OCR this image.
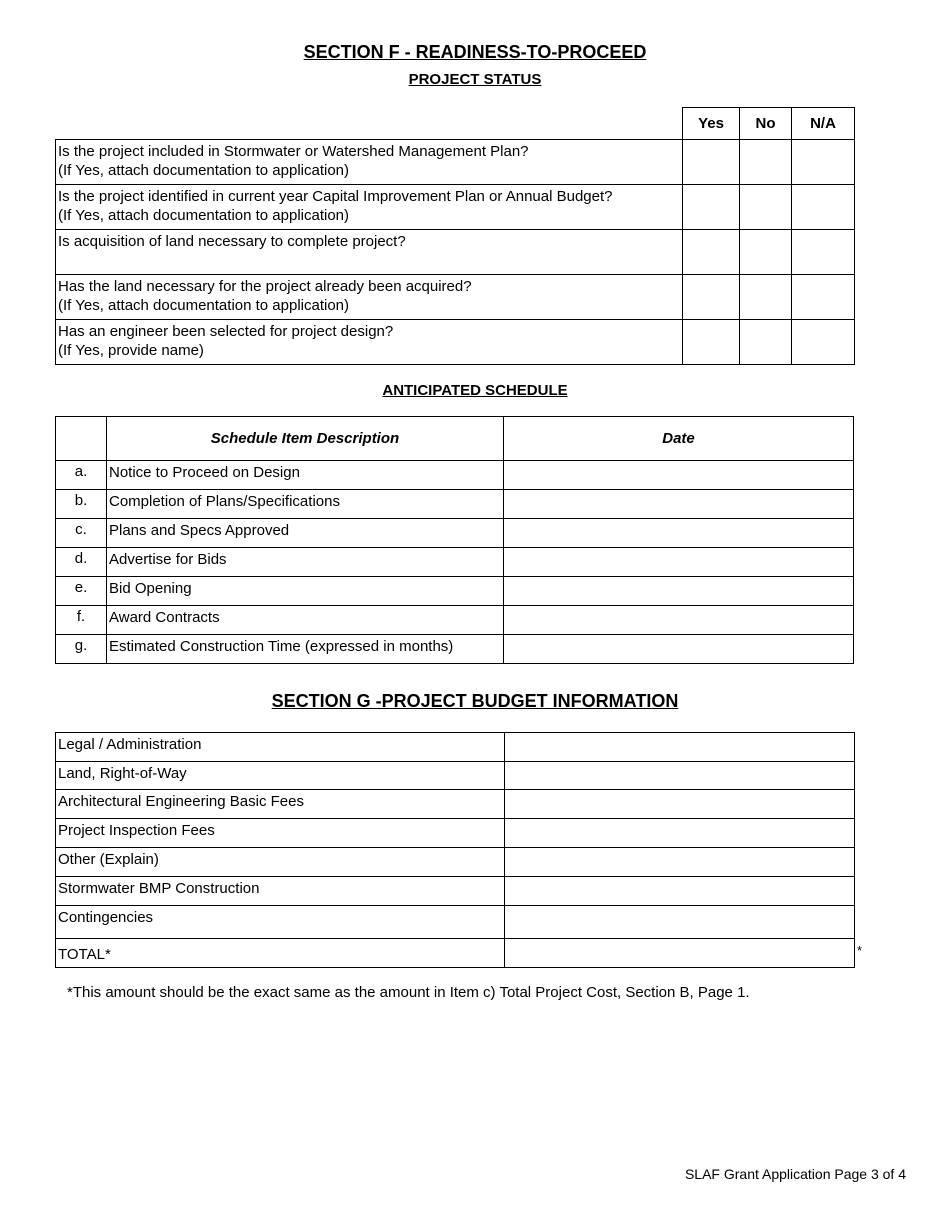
SECTION F - READINESS-TO-PROCEED
PROJECT STATUS
	Yes	No	N/A

Is the project included in Stormwater or Watershed Management Plan?
(If Yes, attach documentation to application)			

Is the project identified in current year Capital Improvement Plan or Annual Budget?
(If Yes, attach documentation to application)			

Is acquisition of land necessary to complete project?			

Has the land necessary for the project already been acquired?
(If Yes, attach documentation to application)			

Has an engineer been selected for project design?
(If Yes, provide name)			

ANTICIPATED SCHEDULE
	Schedule Item Description	Date
a.	Notice to Proceed on Design	

b.	Completion of Plans/Specifications	

c.	Plans and Specs Approved	

d.	Advertise for Bids	

e.	Bid Opening	

f.	Award Contracts	

g.	Estimated Construction Time (expressed in months)	

SECTION G -PROJECT BUDGET INFORMATION
Legal / Administration	

Land, Right-of-Way	

Architectural Engineering Basic Fees	

Project Inspection Fees	

Other (Explain)	

Stormwater BMP Construction	

Contingencies	

TOTAL*	
		*
*This amount should be the exact same as the amount in Item c) Total Project Cost, Section B, Page 1.
SLAF Grant Application Page 3 of 4
